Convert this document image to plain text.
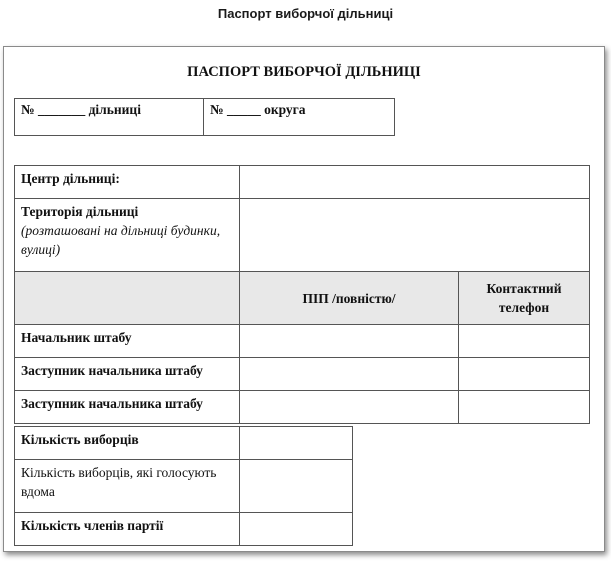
Паспорт виборчої дільниці
ПАСПОРТ ВИБОРЧОЇ ДІЛЬНИЦІ
№ _______ дільниці	№ _____ округа
Центр дільниці:		

Територія дільниці
(розташовані на дільниці будинки, вулиці)		

	ПІП /повністю/	Контактний телефон
Начальник штабу		
Заступник начальника штабу		
Заступник начальника штабу		
Кількість виборців	
Кількість виборців, які голосують вдома	
Кількість членів партії	
